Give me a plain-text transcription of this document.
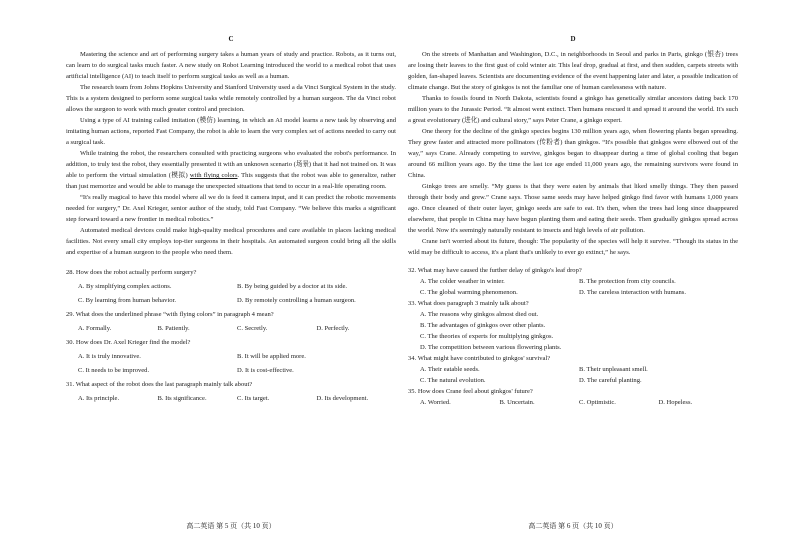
C

Mastering the science and art of performing surgery takes a human years of study and practice. Robots, as it turns out, can learn to do surgical tasks much faster. A new study on Robot Learning introduced the world to a medical robot that uses artificial intelligence (AI) to teach itself to perform surgical tasks as well as a human.

The research team from Johns Hopkins University and Stanford University used a da Vinci Surgical System in the study. This is a system designed to perform some surgical tasks while remotely controlled by a human surgeon. The da Vinci robot allows the surgeon to work with much greater control and precision.

Using a type of AI training called imitation (模仿) learning, in which an AI model learns a new task by observing and imitating human actions, reported Fast Company, the robot is able to learn the very complex set of actions needed to carry out a surgical task.

While training the robot, the researchers consulted with practicing surgeons who evaluated the robot's performance. In addition, to truly test the robot, they essentially presented it with an unknown scenario (场景) that it had not trained on. It was able to perform the virtual simulation (模拟) with flying colors. This suggests that the robot was able to generalize, rather than just memorize and would be able to manage the unexpected situations that tend to occur in a real-life operating room.

“It's really magical to have this model where all we do is feed it camera input, and it can predict the robotic movements needed for surgery,” Dr. Axel Krieger, senior author of the study, told Fast Company. “We believe this marks a significant step forward toward a new frontier in medical robotics.”

Automated medical devices could make high-quality medical procedures and care available in places lacking medical facilities. Not every small city employs top-tier surgeons in their hospitals. An automated surgeon could bring all the skills and expertise of a human surgeon to the people who need them.

28. How does the robot actually perform surgery?

A. By simplifying complex actions.	B. By being guided by a doctor at its side.

C. By learning from human behavior.	D. By remotely controlling a human surgeon.

29. What does the underlined phrase “with flying colors” in paragraph 4 mean?

A. Formally.	B. Patiently.	C. Secretly.	D. Perfectly.

30. How does Dr. Axel Krieger find the model?

A. It is truly innovative.	B. It will be applied more.

C. It needs to be improved.	D. It is cost-effective.

31. What aspect of the robot does the last paragraph mainly talk about?

A. Its principle.	B. Its significance.	C. Its target.	D. Its development.

D

On the streets of Manhattan and Washington, D.C., in neighborhoods in Seoul and parks in Paris, ginkgo (银杏) trees are losing their leaves to the first gust of cold winter air. This leaf drop, gradual at first, and then sudden, carpets streets with golden, fan-shaped leaves. Scientists are documenting evidence of the event happening later and later, a possible indication of climate change. But the story of ginkgos is not the familiar one of human carelessness with nature.

Thanks to fossils found in North Dakota, scientists found a ginkgo has genetically similar ancestors dating back 170 million years to the Jurassic Period. “It almost went extinct. Then humans rescued it and spread it around the world. It's such a great evolutionary (进化) and cultural story,” says Peter Crane, a ginkgo expert.

One theory for the decline of the ginkgo species begins 130 million years ago, when flowering plants began spreading. They grew faster and attracted more pollinators (传粉者) than ginkgos. “It's possible that ginkgos were elbowed out of the way,” says Crane. Already competing to survive, ginkgos began to disappear during a time of global cooling that began around 66 million years ago. By the time the last ice age ended 11,000 years ago, the remaining survivors were found in China.

Ginkgo trees are smelly. “My guess is that they were eaten by animals that liked smelly things. They then passed through their body and grew.” Crane says. Those same seeds may have helped ginkgo find favor with humans 1,000 years ago. Once cleaned of their outer layer, ginkgo seeds are safe to eat. It's then, when the trees had long since disappeared elsewhere, that people in China may have begun planting them and eating their seeds. Then gradually ginkgos spread across the world. Now it's seemingly naturally resistant to insects and high levels of air pollution.

Crane isn't worried about its future, though: The popularity of the species will help it survive. “Though its status in the wild may be difficult to access, it's a plant that's unlikely to ever go extinct,” he says.

32. What may have caused the further delay of ginkgo's leaf drop?

A. The colder weather in winter.	B. The protection from city councils.

C. The global warming phenomenon.	D. The careless interaction with humans.

33. What does paragraph 3 mainly talk about?

A. The reasons why ginkgos almost died out.

B. The advantages of ginkgos over other plants.

C. The theories of experts for multiplying ginkgos.

D. The competition between various flowering plants.

34. What might have contributed to ginkgos' survival?

A. Their eatable seeds.	B. Their unpleasant smell.

C. The natural evolution.	D. The careful planting.

35. How does Crane feel about ginkgos' future?

A. Worried.	B. Uncertain.	C. Optimistic.	D. Hopeless.

高二英语 第 5 页（共 10 页）	高二英语 第 6 页（共 10 页）
